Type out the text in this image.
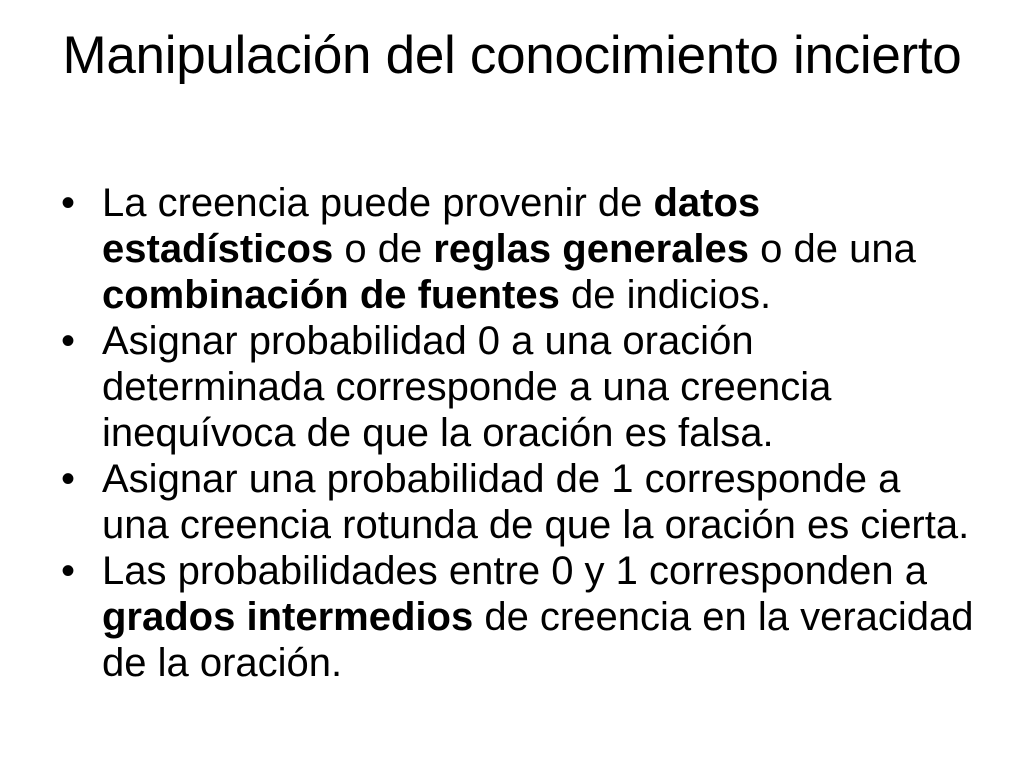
Manipulación del conocimiento incierto
• La creencia puede provenir de datos estadísticos o de reglas generales o de una combinación de fuentes de indicios.
• Asignar probabilidad 0 a una oración determinada corresponde a una creencia inequívoca de que la oración es falsa.
• Asignar una probabilidad de 1 corresponde a una creencia rotunda de que la oración es cierta.
• Las probabilidades entre 0 y 1 corresponden a grados intermedios de creencia en la veracidad de la oración.
